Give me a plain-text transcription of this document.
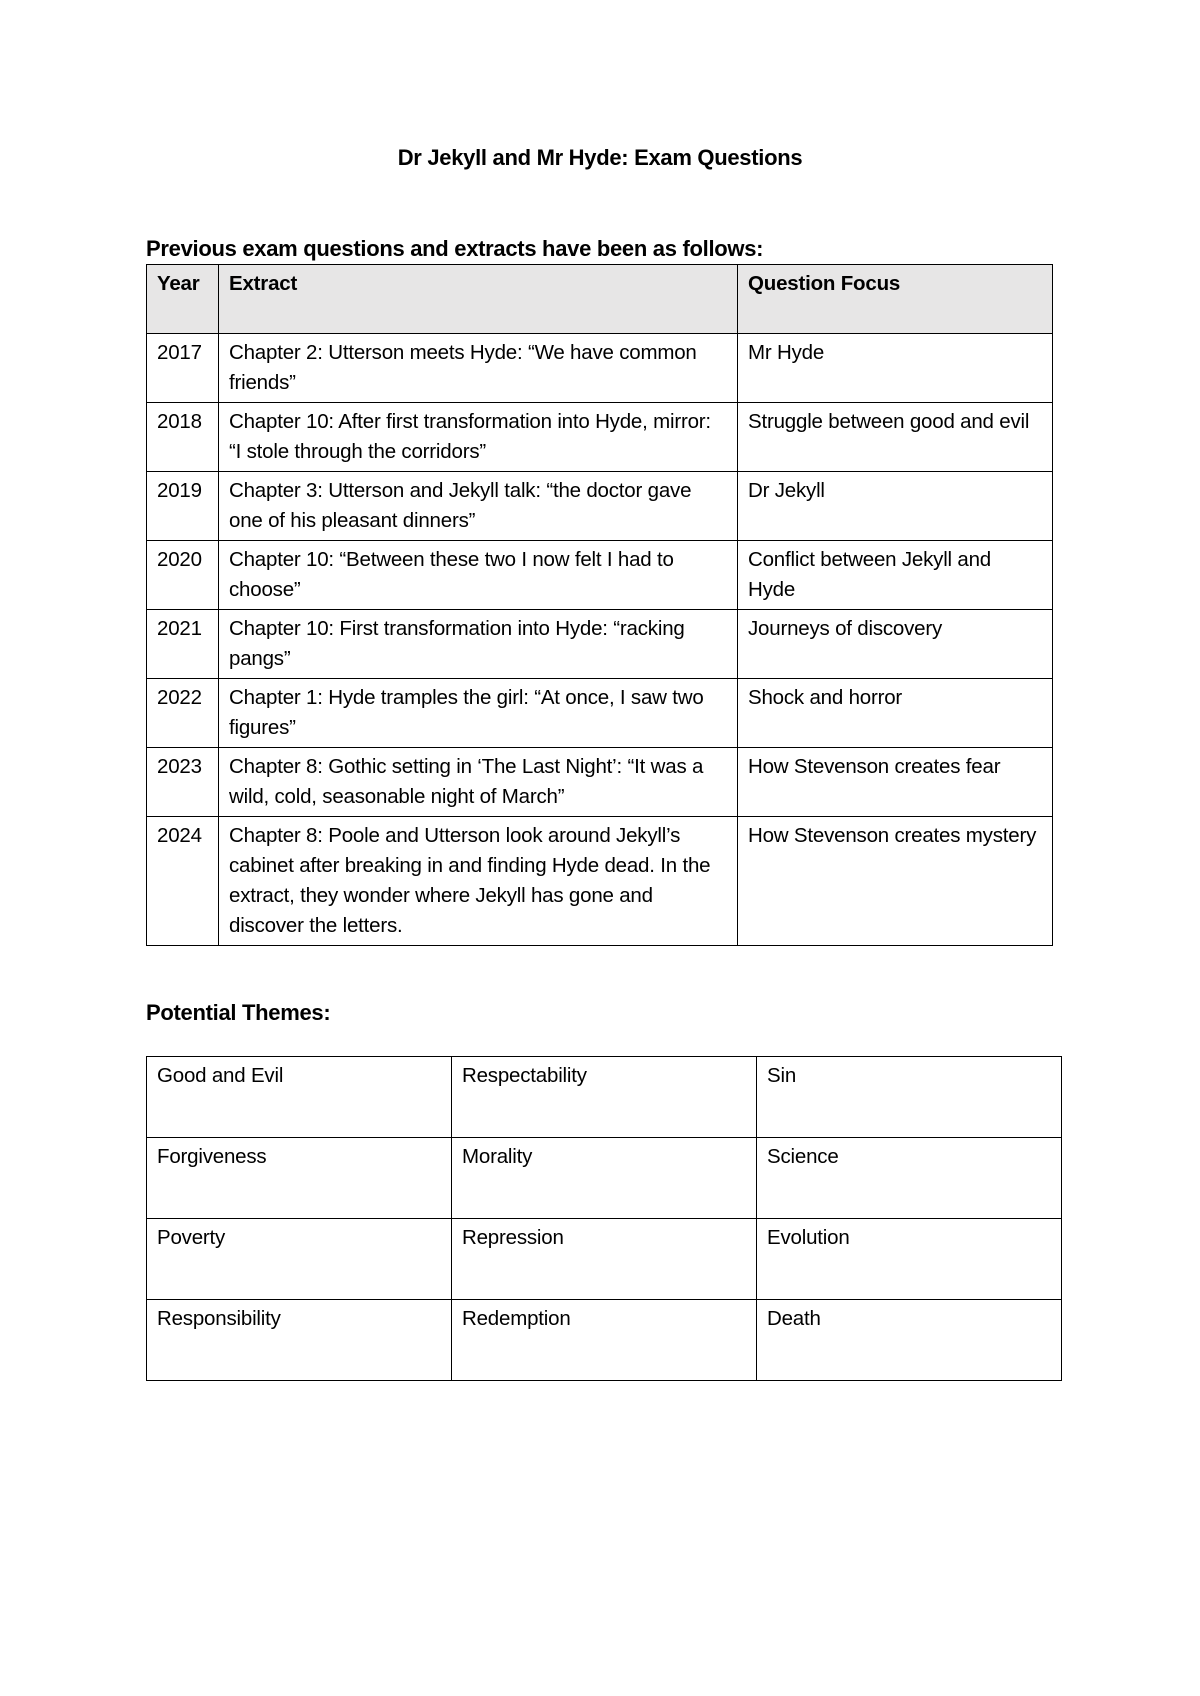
Dr Jekyll and Mr Hyde: Exam Questions
Previous exam questions and extracts have been as follows:
Year	Extract	Question Focus
2017	Chapter 2: Utterson meets Hyde: “We have common friends”	Mr Hyde
2018	Chapter 10: After first transformation into Hyde, mirror: “I stole through the corridors”	Struggle between good and evil
2019	Chapter 3: Utterson and Jekyll talk: “the doctor gave one of his pleasant dinners”	Dr Jekyll
2020	Chapter 10: “Between these two I now felt I had to choose”	Conflict between Jekyll and Hyde
2021	Chapter 10: First transformation into Hyde: “racking pangs”	Journeys of discovery
2022	Chapter 1: Hyde tramples the girl: “At once, I saw two figures”	Shock and horror
2023	Chapter 8: Gothic setting in ‘The Last Night’: “It was a wild, cold, seasonable night of March”	How Stevenson creates fear
2024	Chapter 8: Poole and Utterson look around Jekyll’s cabinet after breaking in and finding Hyde dead. In the extract, they wonder where Jekyll has gone and discover the letters.	How Stevenson creates mystery
Potential Themes:
Good and Evil	Respectability	Sin
Forgiveness	Morality	Science
Poverty	Repression	Evolution
Responsibility	Redemption	Death
